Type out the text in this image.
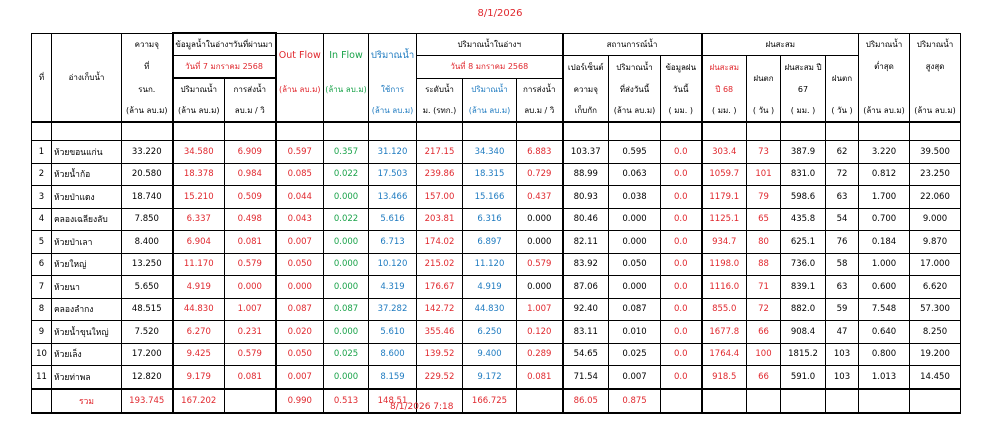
8/1/2026
ที่	อ่างเก็บน้ำ	ความจุ	ข้อมูลน้ำในอ่างฯวันที่ผ่านมา		Out Flow	In Flow	ปริมาณน้ำ	ปริมาณน้ำในอ่างฯ			สถานการณ์น้ำ			ฝนสะสม				ปริมาณน้ำ	ปริมาณน้ำ
		ที่	วันที่ 7 มกราคม 2568					วันที่ 8 มกราคม 2568			เปอร์เซ็นต์	ปริมาณน้ำ	ข้อมูลฝน	ฝนสะสม	ฝนตก	ฝนสะสม ปี	ฝนตก	ต่ำสุด	สูงสุด
		รนก.	ปริมาณน้ำ	การส่งน้ำ	(ล้าน ลบ.ม)	(ล้าน ลบ.ม)	ใช้การ	ระดับน้ำ	ปริมาณน้ำ	การส่งน้ำ	ความจุ	ที่ส่งวันนี้	วันนี้	ปี 68		67			
		(ล้าน ลบ.ม)	(ล้าน ลบ.ม)	ลบ.ม / วิ			(ล้าน ลบ.ม)	ม. (รทก.)	(ล้าน ลบ.ม)	ลบ.ม / วิ	เก็บกัก	(ล้าน ลบ.ม)	( มม. )	( มม. )	( วัน )	( มม. )	( วัน )	(ล้าน ลบ.ม)	(ล้าน ลบ.ม)

1	ห้วยขอนแก่น	33.220	34.580	6.909	0.597	0.357	31.120	217.15	34.340	6.883	103.37	0.595	0.0	303.4	73	387.9	62	3.220	39.500
2	ห้วยน้ำก้อ	20.580	18.378	0.984	0.085	0.022	17.503	239.86	18.315	0.729	88.99	0.063	0.0	1059.7	101	831.0	72	0.812	23.250
3	ห้วยป่าแดง	18.740	15.210	0.509	0.044	0.000	13.466	157.00	15.166	0.437	80.93	0.038	0.0	1179.1	79	598.6	63	1.700	22.060
4	คลองเฉลียงลับ	7.850	6.337	0.498	0.043	0.022	5.616	203.81	6.316	0.000	80.46	0.000	0.0	1125.1	65	435.8	54	0.700	9.000
5	ห้วยป่าเลา	8.400	6.904	0.081	0.007	0.000	6.713	174.02	6.897	0.000	82.11	0.000	0.0	934.7	80	625.1	76	0.184	9.870
6	ห้วยใหญ่	13.250	11.170	0.579	0.050	0.000	10.120	215.02	11.120	0.579	83.92	0.050	0.0	1198.0	88	736.0	58	1.000	17.000
7	ห้วยนา	5.650	4.919	0.000	0.000	0.000	4.319	176.67	4.919	0.000	87.06	0.000	0.0	1116.0	71	839.1	63	0.600	6.620
8	คลองลำกง	48.515	44.830	1.007	0.087	0.087	37.282	142.72	44.830	1.007	92.40	0.087	0.0	855.0	72	882.0	59	7.548	57.300
9	ห้วยน้ำขุนใหญ่	7.520	6.270	0.231	0.020	0.000	5.610	355.46	6.250	0.120	83.11	0.010	0.0	1677.8	66	908.4	47	0.640	8.250
10	ห้วยเล็ง	17.200	9.425	0.579	0.050	0.025	8.600	139.52	9.400	0.289	54.65	0.025	0.0	1764.4	100	1815.2	103	0.800	19.200
11	ห้วยท่าพล	12.820	9.179	0.081	0.007	0.000	8.159	229.52	9.172	0.081	71.54	0.007	0.0	918.5	66	591.0	103	1.013	14.450
	รวม	193.745	167.202		0.990	0.513	148.51		166.725		86.05	0.875							
8/1/2026 7:18
